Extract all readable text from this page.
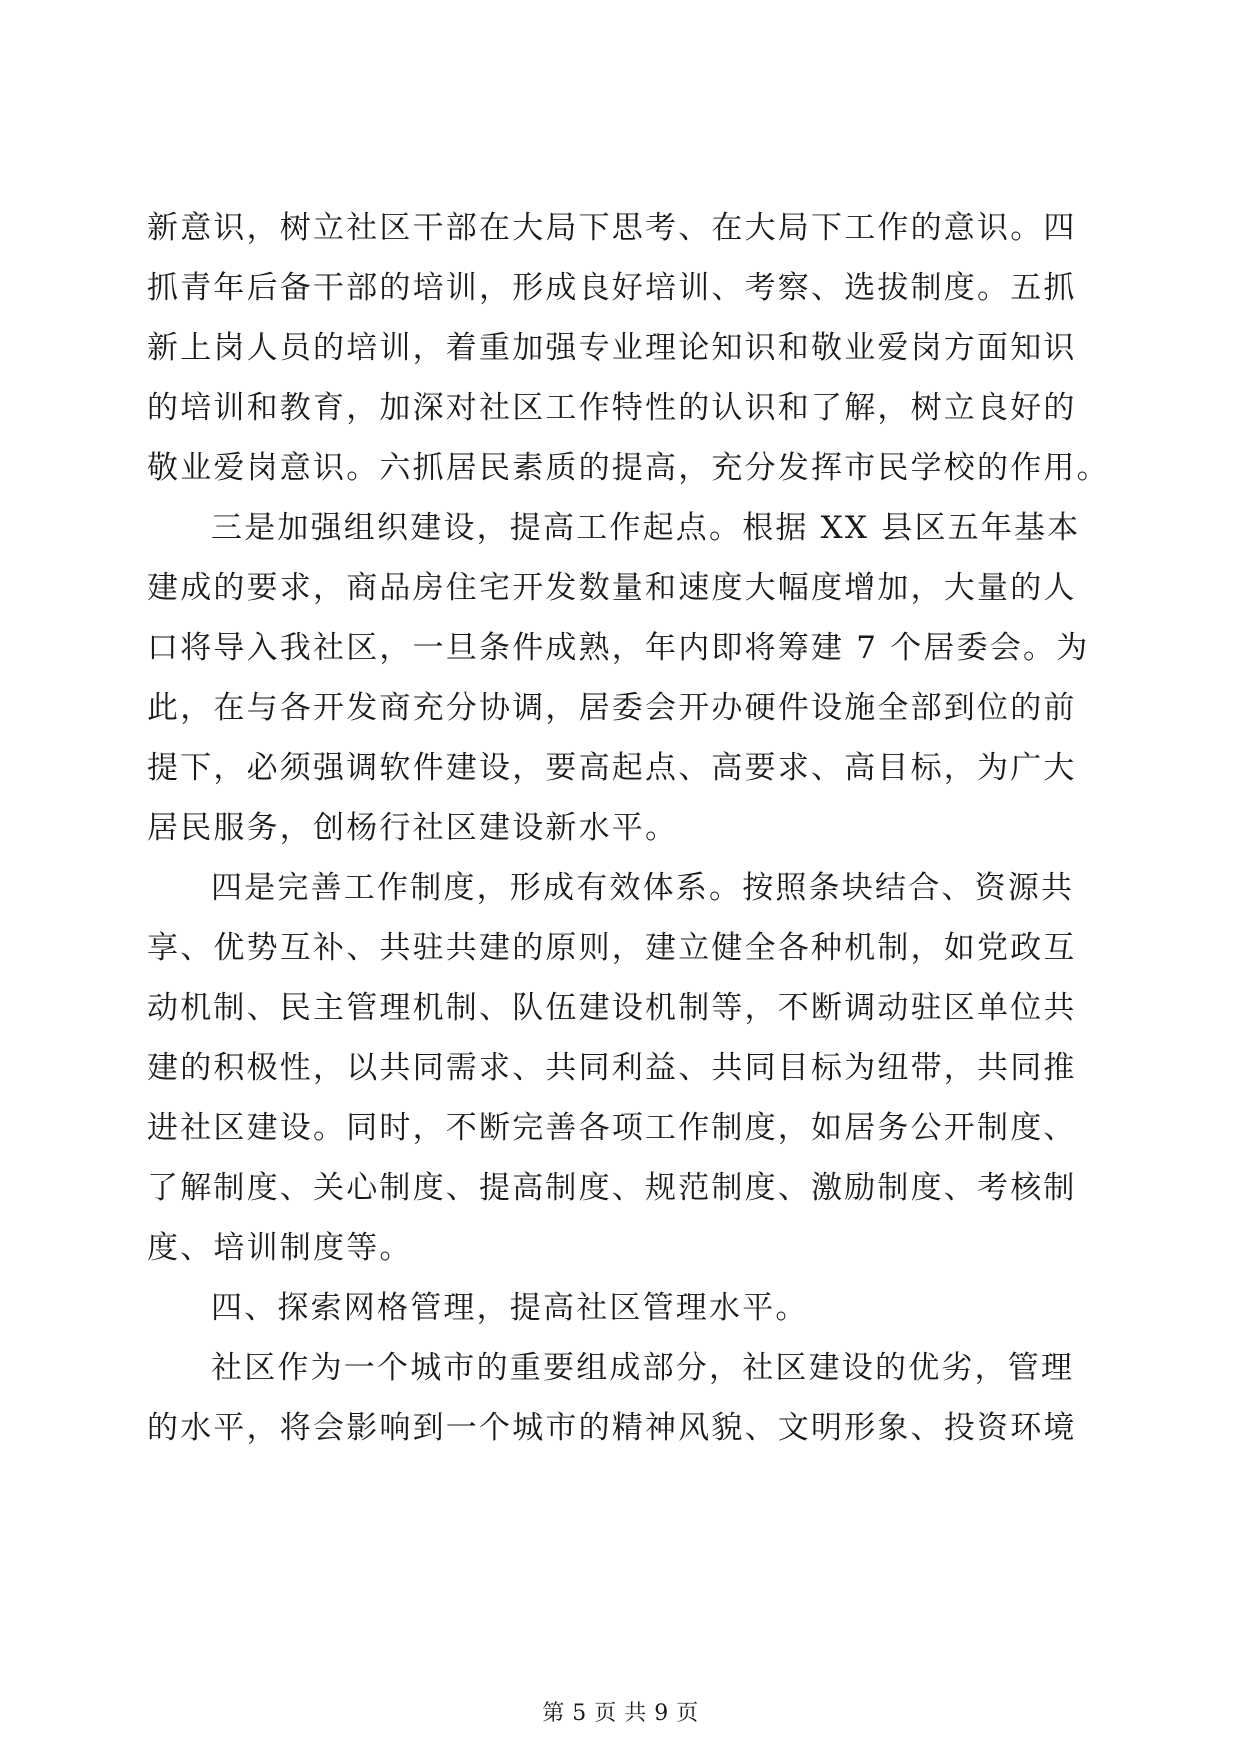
新意识，树立社区干部在大局下思考、在大局下工作的意识。四
抓青年后备干部的培训，形成良好培训、考察、选拔制度。五抓
新上岗人员的培训，着重加强专业理论知识和敬业爱岗方面知识
的培训和教育，加深对社区工作特性的认识和了解，树立良好的
敬业爱岗意识。六抓居民素质的提高，充分发挥市民学校的作用。
三是加强组织建设，提高工作起点。根据 XX 县区五年基本
建成的要求，商品房住宅开发数量和速度大幅度增加，大量的人
口将导入我社区，一旦条件成熟，年内即将筹建 7 个居委会。为
此，在与各开发商充分协调，居委会开办硬件设施全部到位的前
提下，必须强调软件建设，要高起点、高要求、高目标，为广大
居民服务，创杨行社区建设新水平。
四是完善工作制度，形成有效体系。按照条块结合、资源共
享、优势互补、共驻共建的原则，建立健全各种机制，如党政互
动机制、民主管理机制、队伍建设机制等，不断调动驻区单位共
建的积极性，以共同需求、共同利益、共同目标为纽带，共同推
进社区建设。同时，不断完善各项工作制度，如居务公开制度、
了解制度、关心制度、提高制度、规范制度、激励制度、考核制
度、培训制度等。
四、探索网格管理，提高社区管理水平。
社区作为一个城市的重要组成部分，社区建设的优劣，管理
的水平，将会影响到一个城市的精神风貌、文明形象、投资环境
第 5 页 共 9 页
